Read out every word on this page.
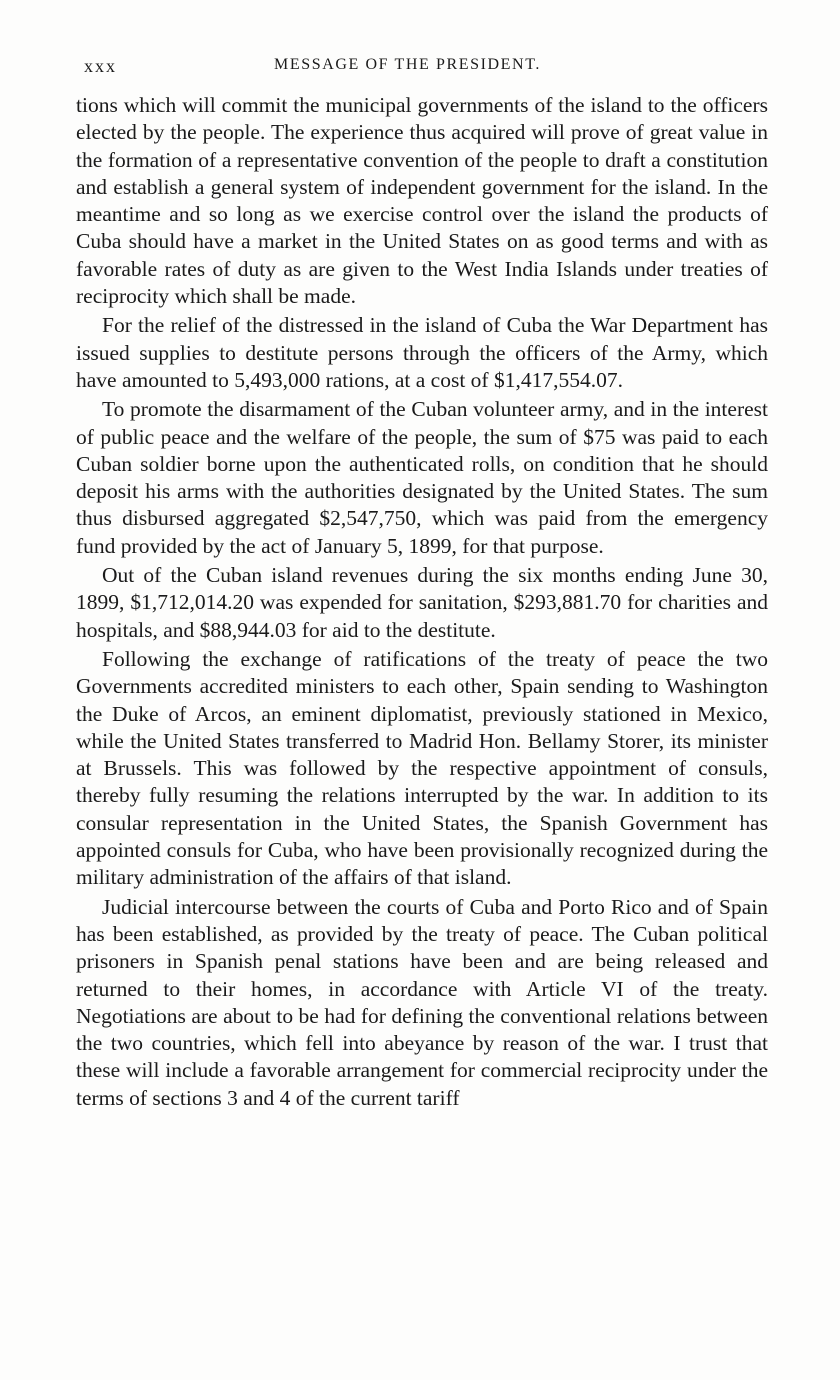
xxx	MESSAGE OF THE PRESIDENT.

tions which will commit the municipal governments of the island to the officers elected by the people. The experience thus acquired will prove of great value in the formation of a representative convention of the people to draft a constitution and establish a general system of independent government for the island. In the meantime and so long as we exercise control over the island the products of Cuba should have a market in the United States on as good terms and with as favorable rates of duty as are given to the West India Islands under treaties of reciprocity which shall be made.

For the relief of the distressed in the island of Cuba the War Department has issued supplies to destitute persons through the officers of the Army, which have amounted to 5,493,000 rations, at a cost of $1,417,554.07.

To promote the disarmament of the Cuban volunteer army, and in the interest of public peace and the welfare of the people, the sum of $75 was paid to each Cuban soldier borne upon the authenticated rolls, on condition that he should deposit his arms with the authorities designated by the United States. The sum thus disbursed aggregated $2,547,750, which was paid from the emergency fund provided by the act of January 5, 1899, for that purpose.

Out of the Cuban island revenues during the six months ending June 30, 1899, $1,712,014.20 was expended for sanitation, $293,881.70 for charities and hospitals, and $88,944.03 for aid to the destitute.

Following the exchange of ratifications of the treaty of peace the two Governments accredited ministers to each other, Spain sending to Washington the Duke of Arcos, an eminent diplomatist, previously stationed in Mexico, while the United States transferred to Madrid Hon. Bellamy Storer, its minister at Brussels. This was followed by the respective appointment of consuls, thereby fully resuming the relations interrupted by the war. In addition to its consular representation in the United States, the Spanish Government has appointed consuls for Cuba, who have been provisionally recognized during the military administration of the affairs of that island.

Judicial intercourse between the courts of Cuba and Porto Rico and of Spain has been established, as provided by the treaty of peace. The Cuban political prisoners in Spanish penal stations have been and are being released and returned to their homes, in accordance with Article VI of the treaty. Negotiations are about to be had for defining the conventional relations between the two countries, which fell into abeyance by reason of the war. I trust that these will include a favorable arrangement for commercial reciprocity under the terms of sections 3 and 4 of the current tariff
